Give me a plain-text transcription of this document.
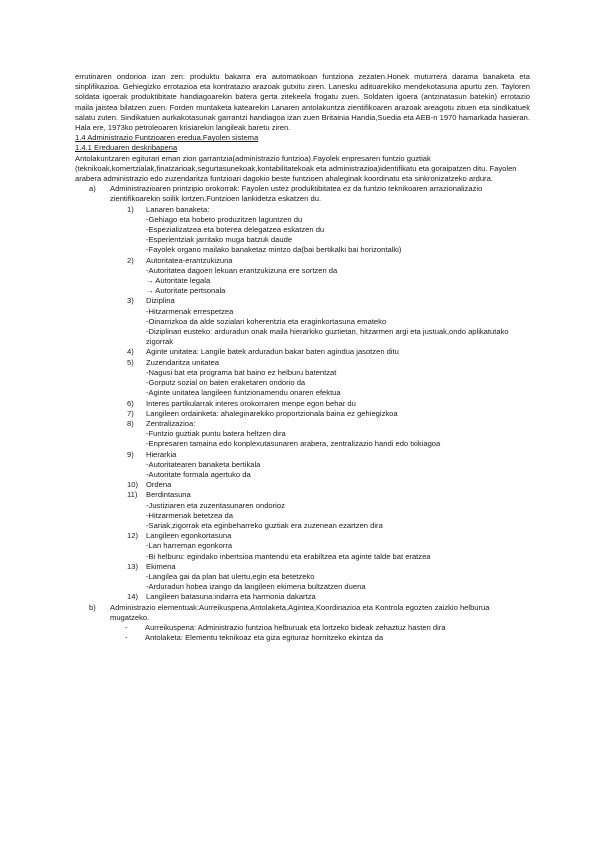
errutinaren ondorioa izan zen: produktu bakarra era automatikoan funtziona zezaten.Honek muturrera darama banaketa eta sinplifikazioa. Gehiegizko errotazioa eta kontratazio arazoak gutxitu ziren. Lanesku adituarekiko mendekotasuna apurtu zen. Tayloren soldata igoerak produktibitate handiagoarekin batera gerta zitekeela frogatu zuen. Soldaten igoera (antzinatasun batekin) errotazio maila jaistea bilatzen zuen. Forden muntaketa katearekin Lanaren antolakuntza zientifikoaren arazoak areagotu zituen eta sindikatuek salatu zuten. Sindikatuen aurkakotasunak garrantzi handiagoa izan zuen Britainia Handia,Suedia eta AEB-n 1970 hamarkada hasieran. Hala ere, 1973ko petroleoaren krisiarekin langileak baretu ziren.

1.4 Administrazio Funtzioaren eredua.Fayolen sistema
1.4.1 Ereduaren deskribapena
Antolakuntzaren egiturari eman zion garrantzia(administrazio funtzioa).Fayolek enpresaren funtzio guztiak (teknikoak,komertzialak,finatzarioak,segurtasunekoak,kontabilitatekoak eta administrazioa)identifikatu eta goraipatzen ditu. Fayolen arabera administrazio edo zuzendaritza funtzioari dagokio beste funtzioen ahaleginak koordinatu eta sinkronizatzeko ardura.
a) Administrazioaren printzipio orokorrak: Fayolen ustez produktibitatea ez da funtzio teknikoaren arrazionalizazio zientifikoarekin soilik lortzen.Funtzioen lankidetza eskatzen du.
1) Lanaren banaketa:
-Gehiago eta hobeto produzitzen laguntzen du
-Espezializatzea eta boterea delegatzea eskatzen du
-Esperientziak jarritako muga batzuk daude
-Fayolek organo mailako banaketaz mintzo da(bai bertikalki bai horizontalki)
2) Autoritatea-erantzukizuna
-Autoritatea dagoen lekuan erantzukizuna ere sortzen da
→ Autoritate legala
→ Autoritate pertsonala
3) Diziplina
-Hitzarmenak errespetzea
-Oinarrizkoa da alde sozialari koherentzia eta eraginkortasuna emateko
-Diziplinari eusteko: arduradun onak maila hierarkiko guztietan, hitzarmen argi eta justuak,ondo aplikatutako zigorrak
4) Agintе unitatea: Langile batek arduradun bakar baten agindua jasotzen ditu
5) Zuzendaritza unitatea
-Nagusi bat eta programa bat baino ez helburu batentzat
-Gorputz sozial on baten eraketaren ondorio da
-Aginte unitatea langileen funtzionamendu onaren efektua
6) Interes partikularrak interes orokorraren menpe egon behar du
7) Langileen ordainketa: ahaleginarekiko proportzionala baina ez gehiegizkoa
8) Zentralizazioa:
-Funtzio guztiak puntu batera heltzen dira
-Enpresaren tamaina edo konplexutasunaren arabera, zentralizazio handi edo txikiagoa
9) Hierarkia
-Autoritatearen banaketa bertikala
-Autoritate formala agertuko da
10) Ordena
11) Berdintasuna
-Justiziaren eta zuzentasunaren ondorioz
-Hitzarmenak betetzea da
-Sariak,zigorrak eta eginbeharreko guztiak era zuzenean ezartzen dira
12) Langileen egonkortasuna
-Lan harreman egonkorra
-Bi helburu: egindako inbertsioa mantendu eta erabiltzea eta aginte talde bat eratzea
13) Ekimena
-Langilea gai da plan bat ulertu,egin eta betetzeko
-Arduradun hobea izango da langileen ekimena bultzatzen duena
14) Langileen batasuna:indarra eta harmonia dakartza
b) Administrazio elementuak:Aurreikuspena,Antolaketa,Agintea,Koordinazioa eta Kontrola egozten zaizkio helburua mugatzeko.
- Aurreikuspena: Administrazio funtzioa helburuak eta lortzeko bideak zehaztuz hasten dira
- Antolaketa: Elementu teknikoaz eta giza egituraz hornitzeko ekintza da
